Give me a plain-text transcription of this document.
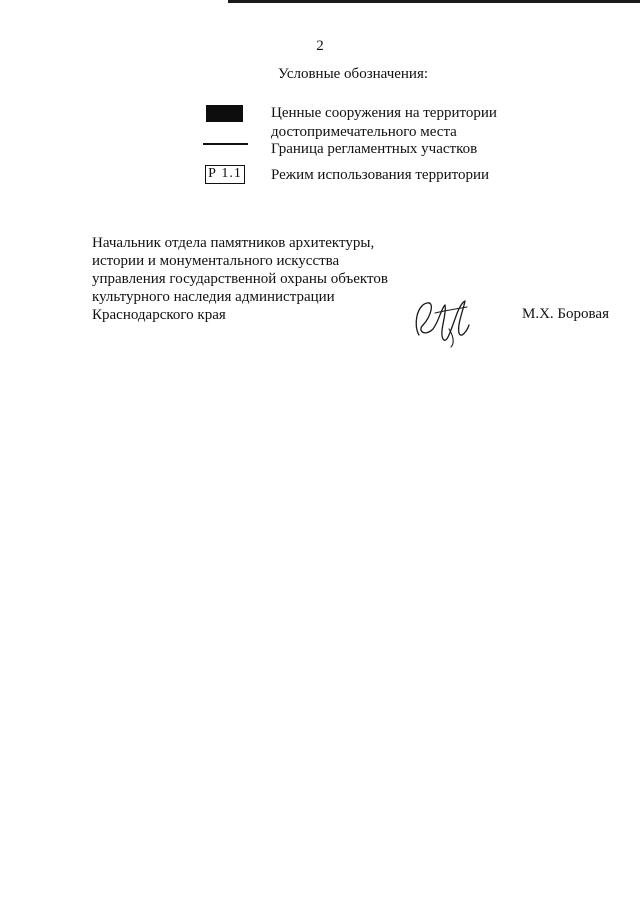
2
Условные обозначения:
Ценные сооружения на территории
достопримечательного места
Граница регламентных участков
Р 1.1 Режим использования территории
Начальник отдела памятников архитектуры,
истории и монументального искусства
управления государственной охраны объектов
культурного наследия администрации
Краснодарского края	М.Х. Боровая
